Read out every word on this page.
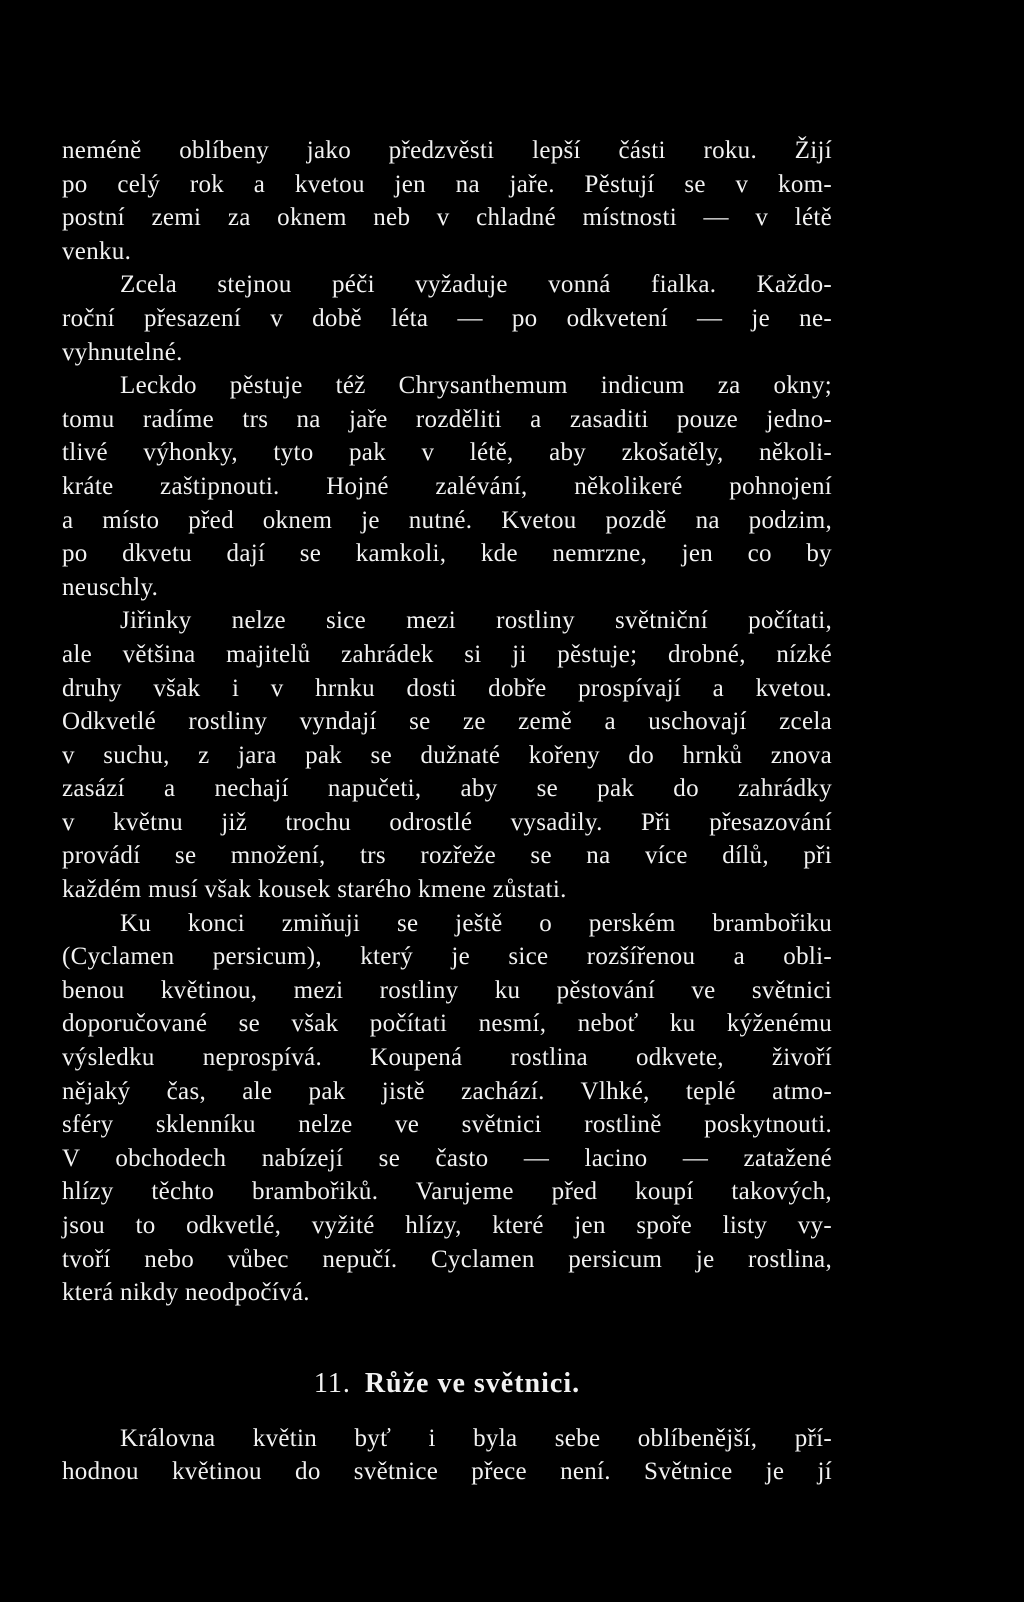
neméně oblíbeny jako předzvěsti lepší části roku. Žijí
po celý rok a kvetou jen na jaře. Pěstují se v kom-
postní zemi za oknem neb v chladné místnosti — v létě
venku.
Zcela stejnou péči vyžaduje vonná fialka. Každo-
roční přesazení v době léta — po odkvetení — je ne-
vyhnutelné.
Leckdo pěstuje též Chrysanthemum indicum za okny;
tomu radíme trs na jaře rozděliti a zasaditi pouze jedno-
tlivé výhonky, tyto pak v létě, aby zkošatěly, několi-
kráte zaštipnouti. Hojné zalévání, několikeré pohnojení
a místo před oknem je nutné. Kvetou pozdě na podzim,
po dkvetu dají se kamkoli, kde nemrzne, jen co by
neuschly.
Jiřinky nelze sice mezi rostliny světniční počítati,
ale většina majitelů zahrádek si ji pěstuje; drobné, nízké
druhy však i v hrnku dosti dobře prospívají a kvetou.
Odkvetlé rostliny vyndají se ze země a uschovají zcela
v suchu, z jara pak se dužnaté kořeny do hrnků znova
zasází a nechají napučeti, aby se pak do zahrádky
v květnu již trochu odrostlé vysadily. Při přesazování
provádí se množení, trs rozřeže se na více dílů, při
každém musí však kousek starého kmene zůstati.
Ku konci zmiňuji se ještě o perském brambořiku
(Cyclamen persicum), který je sice rozšířenou a obli-
benou květinou, mezi rostliny ku pěstování ve světnici
doporučované se však počítati nesmí, neboť ku kýženému
výsledku neprospívá. Koupená rostlina odkvete, živoří
nějaký čas, ale pak jistě zachází. Vlhké, teplé atmo-
sféry sklenníku nelze ve světnici rostlině poskytnouti.
V obchodech nabízejí se často — lacino — zatažené
hlízy těchto brambořiků. Varujeme před koupí takových,
jsou to odkvetlé, vyžité hlízy, které jen spoře listy vy-
tvoří nebo vůbec nepučí. Cyclamen persicum je rostlina,
která nikdy neodpočívá.
11. Růže ve světnici.
Královna květin byť i byla sebe oblíbenější, pří-
hodnou květinou do světnice přece není. Světnice je jí
